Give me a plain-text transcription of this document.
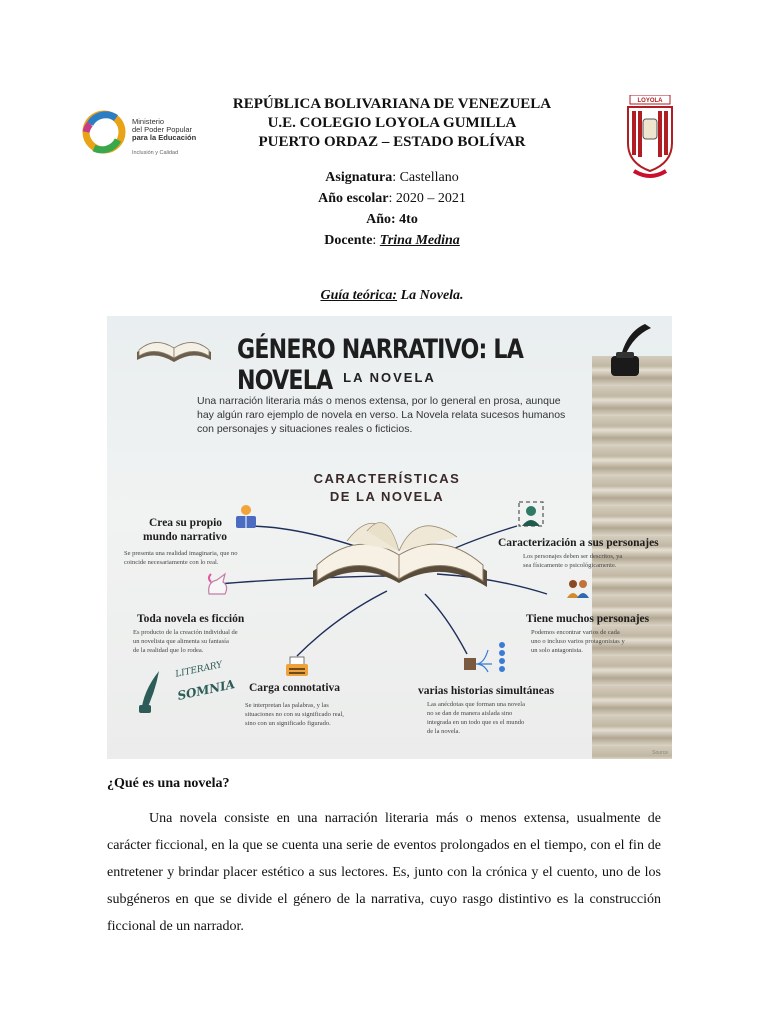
Ministerio
del Poder Popular
para la Educación
Inclusión y Calidad
LOYOLA
REPÚBLICA BOLIVARIANA DE VENEZUELA
U.E. COLEGIO LOYOLA GUMILLA
PUERTO ORDAZ – ESTADO BOLÍVAR
Asignatura: Castellano
Año escolar: 2020 – 2021
Año: 4to
Docente: Trina Medina
Guía teórica: La Novela.
GÉNERO NARRATIVO: LA NOVELA LA NOVELA
Una narración literaria más o menos extensa, por lo general en prosa, aunque hay algún raro ejemplo de novela en verso. La Novela relata sucesos humanos con personajes y situaciones reales o ficticios.
CARACTERÍSTICAS
DE LA NOVELA
Crea su propio
mundo narrativo
Se presenta una realidad imaginaria, que no
coincide necesariamente con lo real.
Caracterización a sus personajes
Los personajes deben ser descritos, ya
sea físicamente o psicológicamente.
Toda novela es ficción
Es producto de la creación individual de
un novelista que alimenta su fantasía
de la realidad que lo rodea.
Tiene muchos personajes
Podemos encontrar varios de cada
uno o incluso varios protagonistas y
un solo antagonista.
Carga connotativa
Se interpretan las palabras, y las
situaciones no con su significado real,
sino con un significado figurado.
varias historias simultáneas
Las anécdotas que forman una novela
no se dan de manera aislada sino
integrada en un todo que es el mundo
de la novela.
LITERARY
SOMNIA
Source
¿Qué es una novela?
Una novela consiste en una narración literaria más o menos extensa, usualmente de carácter ficcional, en la que se cuenta una serie de eventos prolongados en el tiempo, con el fin de entretener y brindar placer estético a sus lectores. Es, junto con la crónica y el cuento, uno de los subgéneros en que se divide el género de la narrativa, cuyo rasgo distintivo es la construcción ficcional de un narrador.
